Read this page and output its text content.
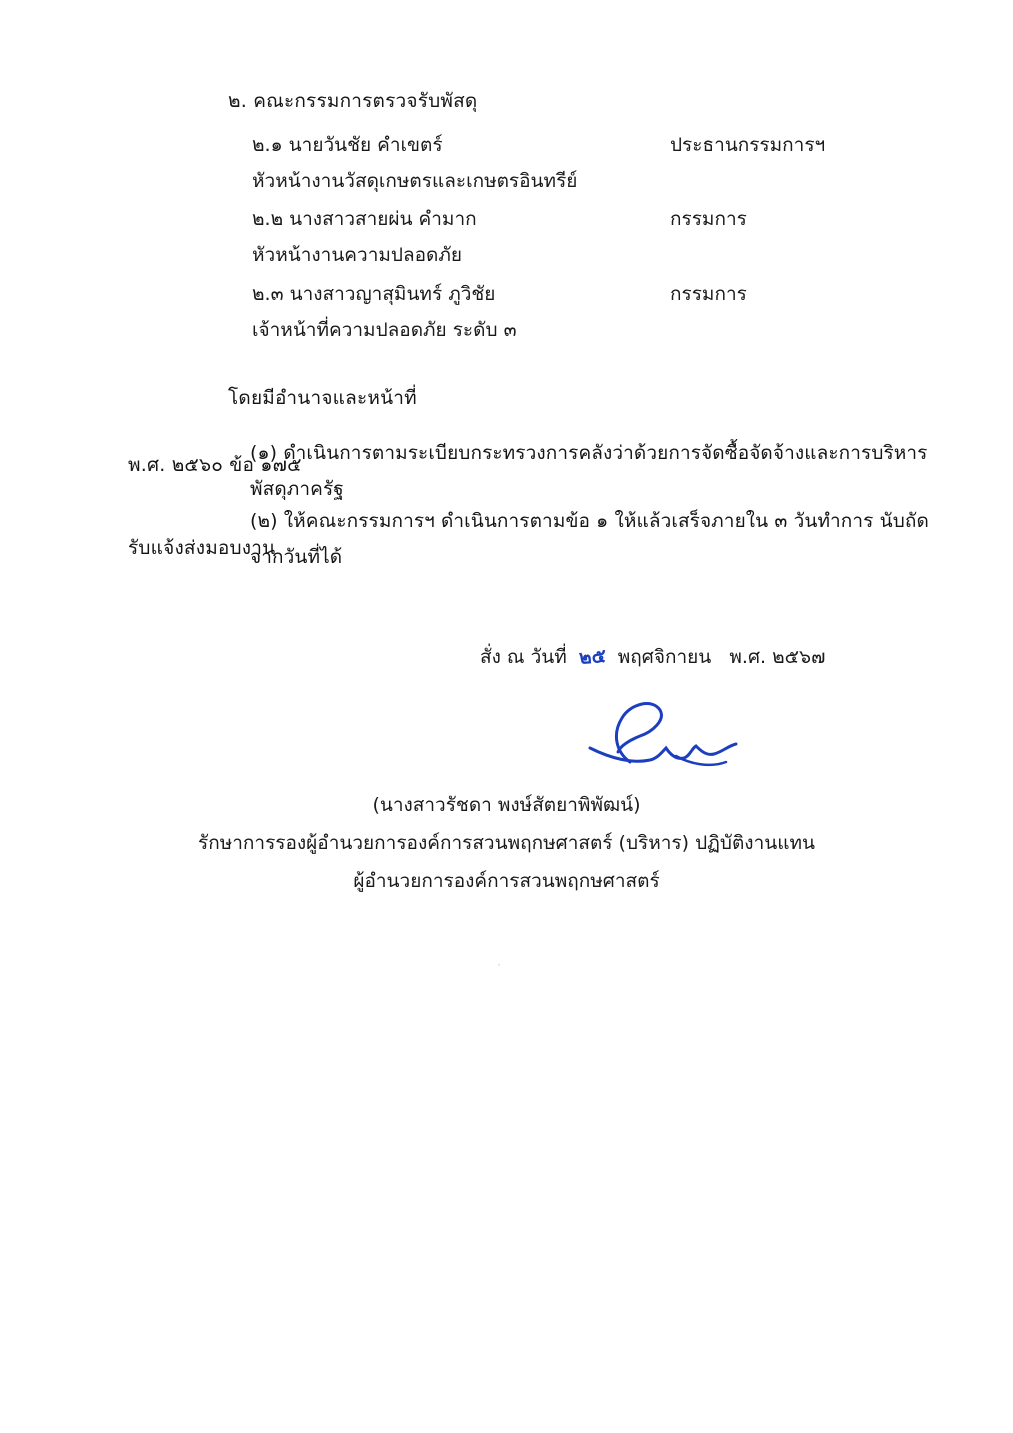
๒. คณะกรรมการตรวจรับพัสดุ
๒.๑ นายวันชัย คำเขตร์
หัวหน้างานวัสดุเกษตรและเกษตรอินทรีย์
ประธานกรรมการฯ
๒.๒ นางสาวสายผ่น คำมาก
หัวหน้างานความปลอดภัย
กรรมการ
๒.๓ นางสาวญาสุมินทร์ ภูวิชัย
เจ้าหน้าที่ความปลอดภัย ระดับ ๓
กรรมการ
โดยมีอำนาจและหน้าที่
(๑) ดำเนินการตามระเบียบกระทรวงการคลังว่าด้วยการจัดซื้อจัดจ้างและการบริหารพัสดุภาครัฐ
พ.ศ. ๒๕๖๐ ข้อ ๑๗๕
(๒) ให้คณะกรรมการฯ ดำเนินการตามข้อ ๑ ให้แล้วเสร็จภายใน ๓ วันทำการ นับถัดจากวันที่ได้
รับแจ้งส่งมอบงาน
สั่ง ณ วันที่ ๒๕ พฤศจิกายน พ.ศ. ๒๕๖๗
(นางสาวรัชดา พงษ์สัตยาพิพัฒน์)
รักษาการรองผู้อำนวยการองค์การสวนพฤกษศาสตร์ (บริหาร) ปฏิบัติงานแทน
ผู้อำนวยการองค์การสวนพฤกษศาสตร์
·
